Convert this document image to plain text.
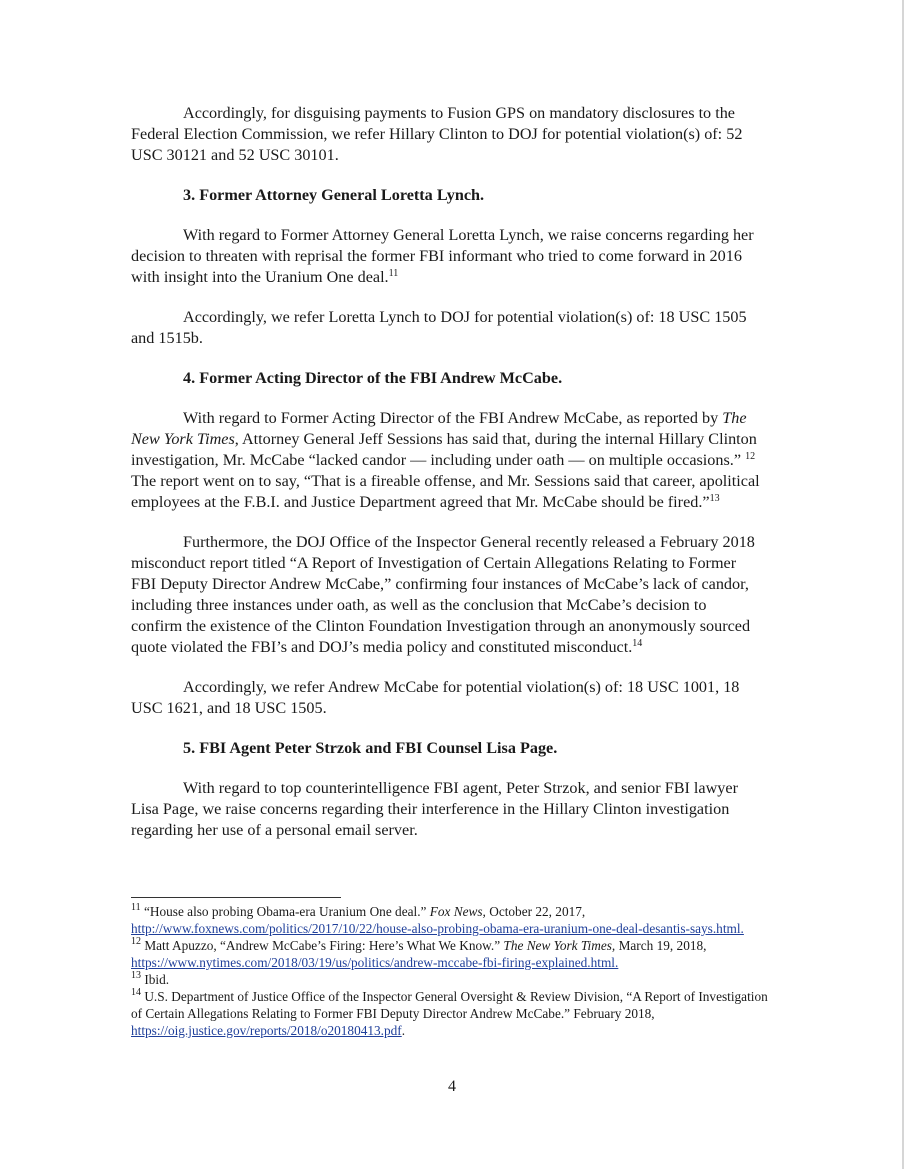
Accordingly, for disguising payments to Fusion GPS on mandatory disclosures to the Federal Election Commission, we refer Hillary Clinton to DOJ for potential violation(s) of: 52 USC 30121 and 52 USC 30101.

3. Former Attorney General Loretta Lynch.

With regard to Former Attorney General Loretta Lynch, we raise concerns regarding her decision to threaten with reprisal the former FBI informant who tried to come forward in 2016 with insight into the Uranium One deal.$^{11}$

Accordingly, we refer Loretta Lynch to DOJ for potential violation(s) of: 18 USC 1505 and 1515b.

4. Former Acting Director of the FBI Andrew McCabe.

With regard to Former Acting Director of the FBI Andrew McCabe, as reported by The New York Times, Attorney General Jeff Sessions has said that, during the internal Hillary Clinton investigation, Mr. McCabe “lacked candor — including under oath — on multiple occasions.” $^{12}$ The report went on to say, “That is a fireable offense, and Mr. Sessions said that career, apolitical employees at the F.B.I. and Justice Department agreed that Mr. McCabe should be fired.”$^{13}$

Furthermore, the DOJ Office of the Inspector General recently released a February 2018 misconduct report titled “A Report of Investigation of Certain Allegations Relating to Former FBI Deputy Director Andrew McCabe,” confirming four instances of McCabe’s lack of candor, including three instances under oath, as well as the conclusion that McCabe’s decision to confirm the existence of the Clinton Foundation Investigation through an anonymously sourced quote violated the FBI’s and DOJ’s media policy and constituted misconduct.$^{14}$

Accordingly, we refer Andrew McCabe for potential violation(s) of: 18 USC 1001, 18 USC 1621, and 18 USC 1505.

5. FBI Agent Peter Strzok and FBI Counsel Lisa Page.

With regard to top counterintelligence FBI agent, Peter Strzok, and senior FBI lawyer Lisa Page, we raise concerns regarding their interference in the Hillary Clinton investigation regarding her use of a personal email server.

$^{11}$ “House also probing Obama-era Uranium One deal.” Fox News, October 22, 2017,
http://www.foxnews.com/politics/2017/10/22/house-also-probing-obama-era-uranium-one-deal-desantis-says.html.

$^{12}$ Matt Apuzzo, “Andrew McCabe’s Firing: Here’s What We Know.” The New York Times, March 19, 2018, https://www.nytimes.com/2018/03/19/us/politics/andrew-mccabe-fbi-firing-explained.html.

$^{13}$ Ibid.

$^{14}$ U.S. Department of Justice Office of the Inspector General Oversight & Review Division, “A Report of Investigation of Certain Allegations Relating to Former FBI Deputy Director Andrew McCabe.” February 2018, https://oig.justice.gov/reports/2018/o20180413.pdf.

4
